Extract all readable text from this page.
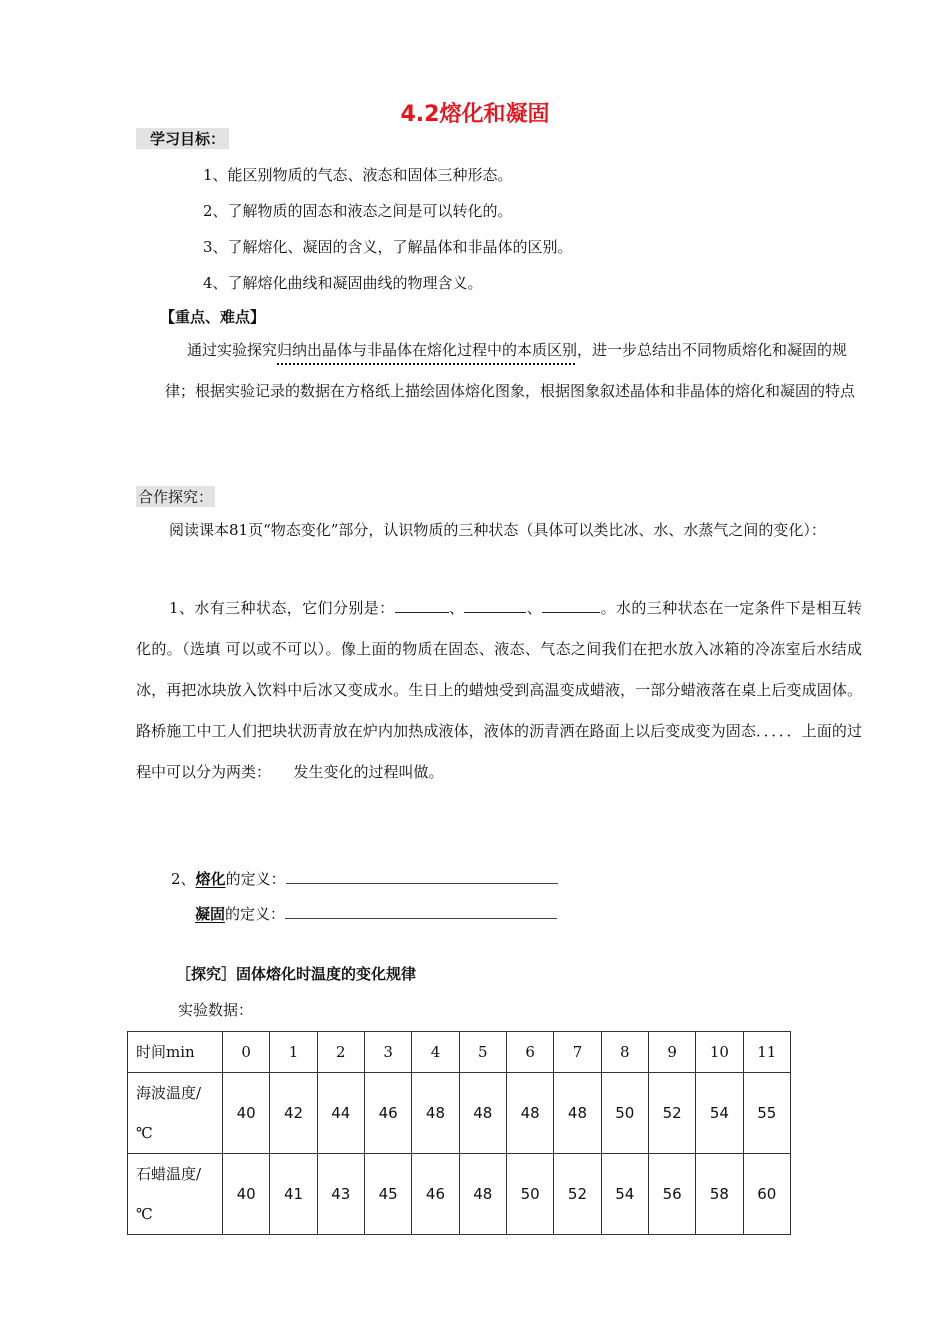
4.2熔化和凝固
学习目标：
1、能区别物质的气态、液态和固体三种形态。
2、了解物质的固态和液态之间是可以转化的。
3、了解熔化、凝固的含义，了解晶体和非晶体的区别。
4、了解熔化曲线和凝固曲线的物理含义。
【重点、难点】
通过实验探究归纳出晶体与非晶体在熔化过程中的本质区别，进一步总结出不同物质熔化和凝固的规律；根据实验记录的数据在方格纸上描绘固体熔化图象，根据图象叙述晶体和非晶体的熔化和凝固的特点
合作探究：
阅读课本81页“物态变化”部分，认识物质的三种状态（具体可以类比冰、水、水蒸气之间的变化）：
1、水有三种状态，它们分别是：	、	、	。水的三种状态在一定条件下是相互转化的。（选填 可以或不可以）。像上面的物质在固态、液态、气态之间我们在把水放入冰箱的冷冻室后水结成冰，再把冰块放入饮料中后冰又变成水。生日上的蜡烛受到高温变成蜡液，一部分蜡液落在桌上后变成固体。路桥施工中工人们把块状沥青放在炉内加热成液体，液体的沥青洒在路面上以后变成变为固态．．．．．上面的过程中可以分为两类：　　发生变化的过程叫做。
2、熔化的定义：
凝固的定义：
［探究］固体熔化时温度的变化规律
实验数据：
时间min	0	1	2	3	4	5	6	7	8	9	10	11

海波温度/
℃	40	42	44	46	48	48	48	48	50	52	54	55

石蜡温度/
℃	40	41	43	45	46	48	50	52	54	56	58	60
